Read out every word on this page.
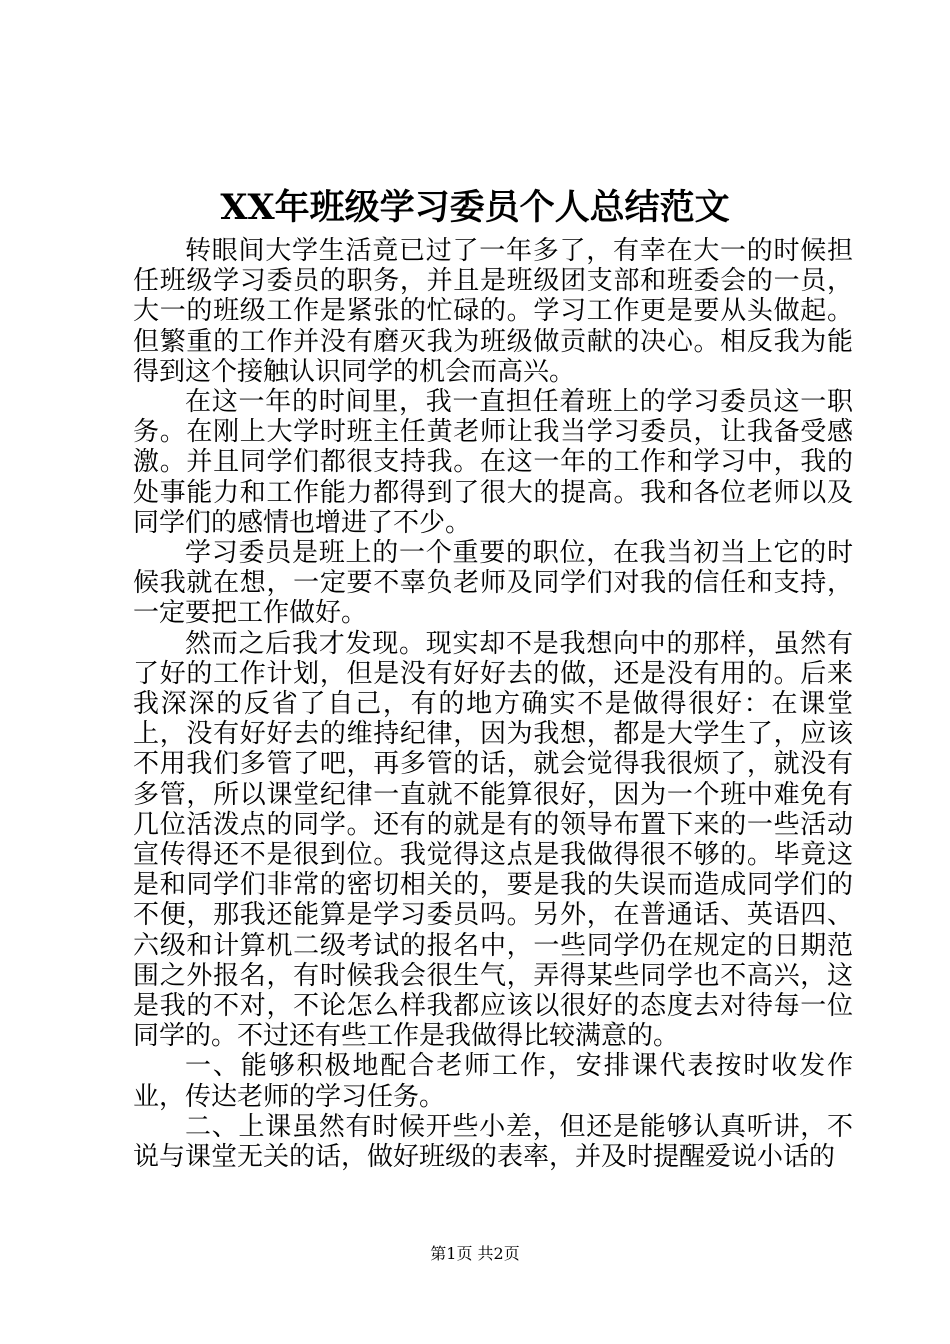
XX年班级学习委员个人总结范文

转眼间大学生活竟已过了一年多了，有幸在大一的时候担任班级学习委员的职务，并且是班级团支部和班委会的一员，大一的班级工作是紧张的忙碌的。学习工作更是要从头做起。但繁重的工作并没有磨灭我为班级做贡献的决心。相反我为能得到这个接触认识同学的机会而高兴。

在这一年的时间里，我一直担任着班上的学习委员这一职务。在刚上大学时班主任黄老师让我当学习委员，让我备受感激。并且同学们都很支持我。在这一年的工作和学习中，我的处事能力和工作能力都得到了很大的提高。我和各位老师以及同学们的感情也增进了不少。

学习委员是班上的一个重要的职位，在我当初当上它的时候我就在想，一定要不辜负老师及同学们对我的信任和支持，一定要把工作做好。

然而之后我才发现。现实却不是我想向中的那样，虽然有了好的工作计划，但是没有好好去的做，还是没有用的。后来我深深的反省了自己，有的地方确实不是做得很好：在课堂上，没有好好去的维持纪律，因为我想，都是大学生了，应该不用我们多管了吧，再多管的话，就会觉得我很烦了，就没有多管，所以课堂纪律一直就不能算很好，因为一个班中难免有几位活泼点的同学。还有的就是有的领导布置下来的一些活动宣传得还不是很到位。我觉得这点是我做得很不够的。毕竟这是和同学们非常的密切相关的，要是我的失误而造成同学们的不便，那我还能算是学习委员吗。另外，在普通话、英语四、六级和计算机二级考试的报名中，一些同学仍在规定的日期范围之外报名，有时候我会很生气，弄得某些同学也不高兴，这是我的不对，不论怎么样我都应该以很好的态度去对待每一位同学的。不过还有些工作是我做得比较满意的。

一、能够积极地配合老师工作，安排课代表按时收发作业，传达老师的学习任务。

二、上课虽然有时候开些小差，但还是能够认真听讲，不说与课堂无关的话，做好班级的表率，并及时提醒爱说小话的

第1页 共2页
